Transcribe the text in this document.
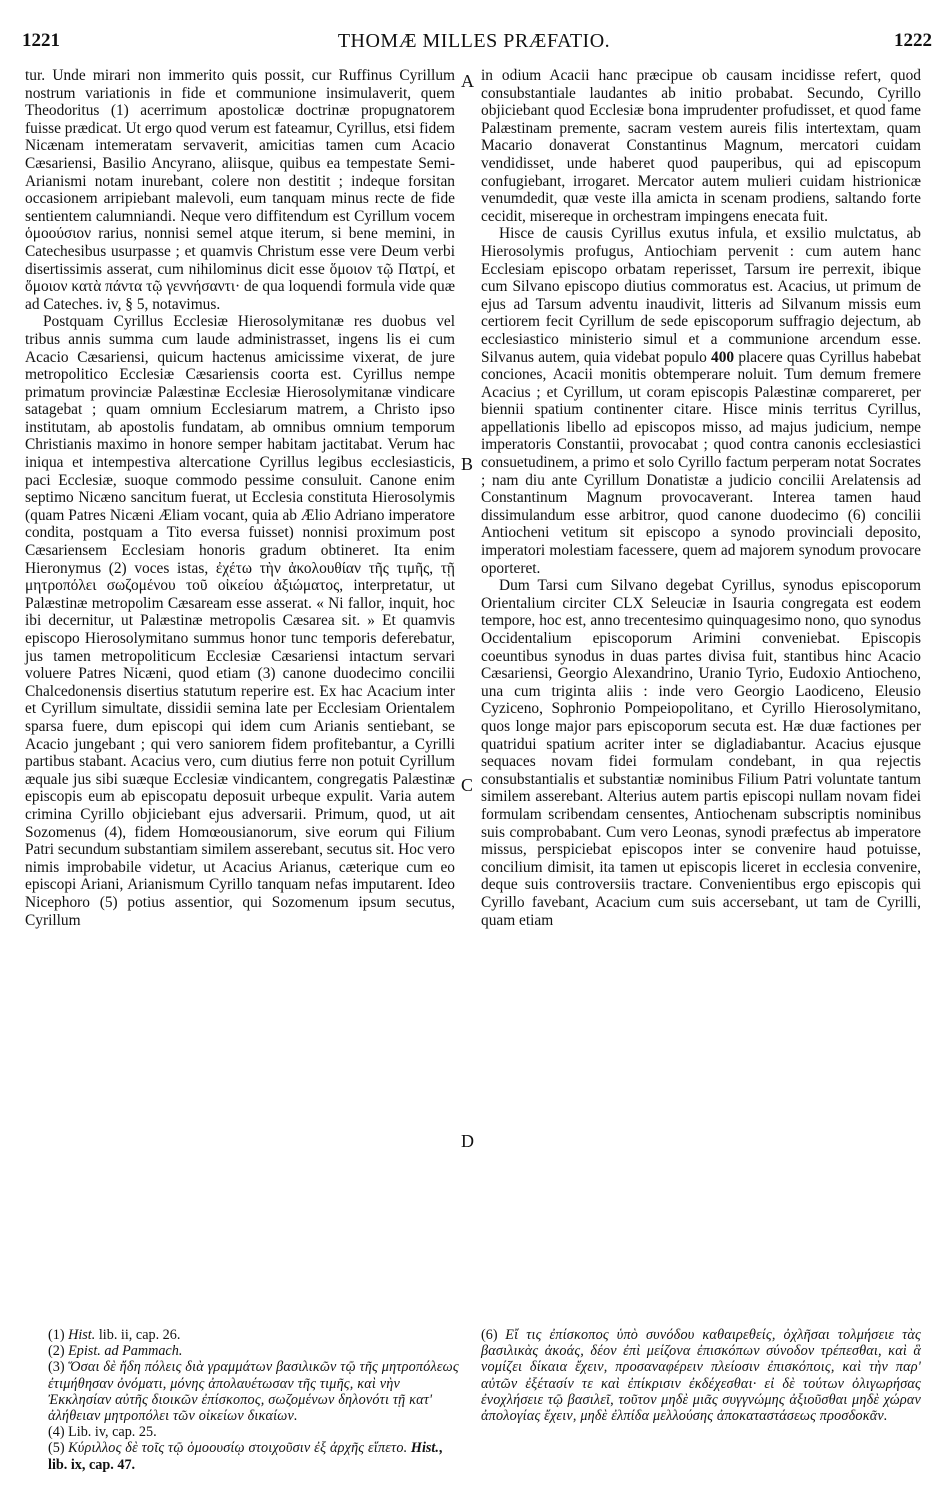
1221	THOMÆ MILLES PRÆFATIO.	1222

tur. Unde mirari non immerito quis possit, cur Ruffinus Cyrillum nostrum variationis in fide et communione insimulaverit, quem Theodoritus (1) acerrimum apostolicæ doctrinæ propugnatorem fuisse prædicat. Ut ergo quod verum est fateamur, Cyrillus, etsi fidem Nicænam intemeratam servaverit, amicitias tamen cum Acacio Cæsariensi, Basilio Ancyrano, aliisque, quibus ea tempestate Semi-Arianismi notam inurebant, colere non destitit ; indeque forsitan occasionem arripiebant malevoli, eum tanquam minus recte de fide sentientem calumniandi. Neque vero diffitendum est Cyrillum vocem ὁμοούσιον rarius, nonnisi semel atque iterum, si bene memini, in Catechesibus usurpasse ; et quamvis Christum esse vere Deum verbi disertissimis asserat, cum nihilominus dicit esse ὅμοιον τῷ Πατρί, et ὅμοιον κατὰ πάντα τῷ γεννήσαντι· de qua loquendi formula vide quæ ad Cateches. iv, § 5, notavimus.

Postquam Cyrillus Ecclesiæ Hierosolymitanæ res duobus vel tribus annis summa cum laude administrasset, ingens lis ei cum Acacio Cæsariensi, quicum hactenus amicissime vixerat, de jure metropolitico Ecclesiæ Cæsariensis coorta est. Cyrillus nempe primatum provinciæ Palæstinæ Ecclesiæ Hierosolymitanæ vindicare satagebat ; quam omnium Ecclesiarum matrem, a Christo ipso institutam, ab apostolis fundatam, ab omnibus omnium temporum Christianis maximo in honore semper habitam jactitabat. Verum hac iniqua et intempestiva altercatione Cyrillus legibus ecclesiasticis, paci Ecclesiæ, suoque commodo pessime consuluit. Canone enim septimo Nicæno sancitum fuerat, ut Ecclesia constituta Hierosolymis (quam Patres Nicæni Æliam vocant, quia ab Ælio Adriano imperatore condita, postquam a Tito eversa fuisset) nonnisi proximum post Cæsariensem Ecclesiam honoris gradum obtineret. Ita enim Hieronymus (2) voces istas, ἐχέτω τὴν ἀκολουθίαν τῆς τιμῆς, τῇ μητροπόλει σωζομένου τοῦ οἰκείου ἀξιώματος, interpretatur, ut Palæstinæ metropolim Cæsaream esse asserat. « Ni fallor, inquit, hoc ibi decernitur, ut Palæstinæ metropolis Cæsarea sit. » Et quamvis episcopo Hierosolymitano summus honor tunc temporis deferebatur, jus tamen metropoliticum Ecclesiæ Cæsariensi intactum servari voluere Patres Nicæni, quod etiam (3) canone duodecimo concilii Chalcedonensis disertius statutum reperire est. Ex hac Acacium inter et Cyrillum simultate, dissidii semina late per Ecclesiam Orientalem sparsa fuere, dum episcopi qui idem cum Arianis sentiebant, se Acacio jungebant ; qui vero saniorem fidem profitebantur, a Cyrilli partibus stabant. Acacius vero, cum diutius ferre non potuit Cyrillum æquale jus sibi suæque Ecclesiæ vindicantem, congregatis Palæstinæ episcopis eum ab episcopatu deposuit urbeque expulit. Varia autem crimina Cyrillo objiciebant ejus adversarii. Primum, quod, ut ait Sozomenus (4), fidem Homœousianorum, sive eorum qui Filium Patri secundum substantiam similem asserebant, secutus sit. Hoc vero nimis improbabile videtur, ut Acacius Arianus, cæterique cum eo episcopi Ariani, Arianismum Cyrillo tanquam nefas imputarent. Ideo Nicephoro (5) potius assentior, qui Sozomenum ipsum secutus, Cyrillum

A
B
C
D

in odium Acacii hanc præcipue ob causam incidisse refert, quod consubstantiale laudantes ab initio probabat. Secundo, Cyrillo objiciebant quod Ecclesiæ bona imprudenter profudisset, et quod fame Palæstinam premente, sacram vestem aureis filis intertextam, quam Macario donaverat Constantinus Magnum, mercatori cuidam vendidisset, unde haberet quod pauperibus, qui ad episcopum confugiebant, irrogaret. Mercator autem mulieri cuidam histrionicæ venumdedit, quæ veste illa amicta in scenam prodiens, saltando forte cecidit, misereque in orchestram impingens enecata fuit.

Hisce de causis Cyrillus exutus infula, et exsilio mulctatus, ab Hierosolymis profugus, Antiochiam pervenit : cum autem hanc Ecclesiam episcopo orbatam reperisset, Tarsum ire perrexit, ibique cum Silvano episcopo diutius commoratus est. Acacius, ut primum de ejus ad Tarsum adventu inaudivit, litteris ad Silvanum missis eum certiorem fecit Cyrillum de sede episcoporum suffragio dejectum, ab ecclesiastico ministerio simul et a communione arcendum esse. Silvanus autem, quia videbat populo 400 placere quas Cyrillus habebat conciones, Acacii monitis obtemperare noluit. Tum demum fremere Acacius ; et Cyrillum, ut coram episcopis Palæstinæ compareret, per biennii spatium continenter citare. Hisce minis territus Cyrillus, appellationis libello ad episcopos misso, ad majus judicium, nempe imperatoris Constantii, provocabat ; quod contra canonis ecclesiastici consuetudinem, a primo et solo Cyrillo factum perperam notat Socrates ; nam diu ante Cyrillum Donatistæ a judicio concilii Arelatensis ad Constantinum Magnum provocaverant. Interea tamen haud dissimulandum esse arbitror, quod canone duodecimo (6) concilii Antiocheni vetitum sit episcopo a synodo provinciali deposito, imperatori molestiam facessere, quem ad majorem synodum provocare oporteret.

Dum Tarsi cum Silvano degebat Cyrillus, synodus episcoporum Orientalium circiter CLX Seleuciæ in Isauria congregata est eodem tempore, hoc est, anno trecentesimo quinquagesimo nono, quo synodus Occidentalium episcoporum Arimini conveniebat. Episcopis coeuntibus synodus in duas partes divisa fuit, stantibus hinc Acacio Cæsariensi, Georgio Alexandrino, Uranio Tyrio, Eudoxio Antiocheno, una cum triginta aliis : inde vero Georgio Laodiceno, Eleusio Cyziceno, Sophronio Pompeiopolitano, et Cyrillo Hierosolymitano, quos longe major pars episcoporum secuta est. Hæ duæ factiones per quatridui spatium acriter inter se digladiabantur. Acacius ejusque sequaces novam fidei formulam condebant, in qua rejectis consubstantialis et substantiæ nominibus Filium Patri voluntate tantum similem asserebant. Alterius autem partis episcopi nullam novam fidei formulam scribendam censentes, Antiochenam subscriptis nominibus suis comprobabant. Cum vero Leonas, synodi præfectus ab imperatore missus, perspiciebat episcopos inter se convenire haud potuisse, concilium dimisit, ita tamen ut episcopis liceret in ecclesia convenire, deque suis controversiis tractare. Convenientibus ergo episcopis qui Cyrillo favebant, Acacium cum suis accersebant, ut tam de Cyrilli, quam etiam

(1) Hist. lib. ii, cap. 26.

(2) Epist. ad Pammach.

(3) Ὅσαι δὲ ἤδη πόλεις διὰ γραμμάτων βασιλικῶν τῷ τῆς μητροπόλεως ἐτιμήθησαν ὀνόματι, μόνης ἀπολαυέτωσαν τῆς τιμῆς, καὶ νὴν Ἐκκλησίαν αὐτῆς διοικῶν ἐπίσκοπος, σωζομένων δηλονότι τῇ κατ' ἀλήθειαν μητροπόλει τῶν οἰκείων δικαίων.

(4) Lib. iv, cap. 25.

(5) Κύριλλος δὲ τοῖς τῷ ὁμοουσίῳ στοιχοῦσιν ἐξ ἀρχῆς εἵπετο. Hist., lib. ix, cap. 47.

(6) Εἴ τις ἐπίσκοπος ὑπὸ συνόδου καθαιρεθείς, ὀχλῆσαι τολμήσειε τὰς βασιλικὰς ἀκοάς, δέον ἐπὶ μείζονα ἐπισκόπων σύνοδον τρέπεσθαι, καὶ ἃ νομίζει δίκαια ἔχειν, προσαναφέρειν πλείοσιν ἐπισκόποις, καὶ τὴν παρ' αὐτῶν ἐξέτασίν τε καὶ ἐπίκρισιν ἐκδέχεσθαι· εἰ δὲ τούτων ὀλιγωρήσας ἐνοχλήσειε τῷ βασιλεῖ, τοῦτον μηδὲ μιᾶς συγγνώμης ἀξιοῦσθαι μηδὲ χώραν ἀπολογίας ἔχειν, μηδὲ ἐλπίδα μελλούσης ἀποκαταστάσεως προσδοκᾶν.
